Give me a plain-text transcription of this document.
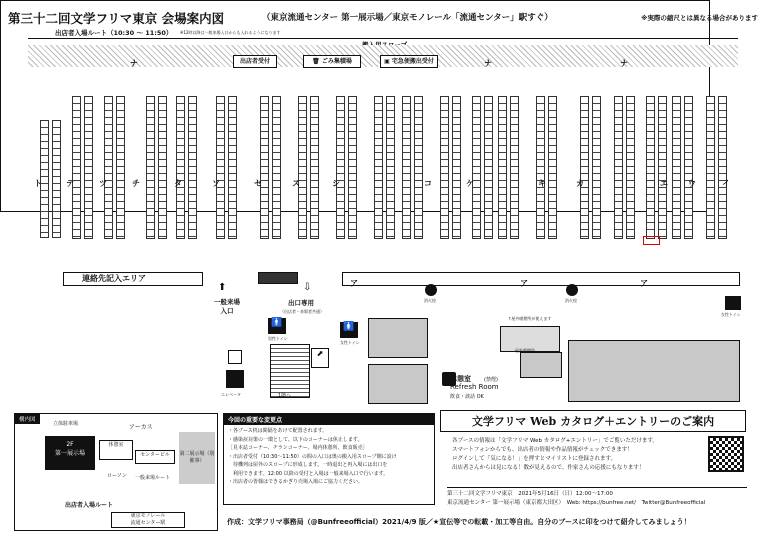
第三十二回文学フリマ東京 会場案内図	（東京流通センター 第一展示場／東京モノレール「流通センター」駅すぐ）	※実際の縮尺とは異なる場合があります
出店者入場ルート（10:30 〜 11:50） ※12時以降は一般来場入口からも入れるようになります
出店者受付	🗑 ごみ集積場	▣ 宅急便搬出受付
ナ	ナ	ナ
ト	テ	ツ	チ	タ	ソ	セ	ス	シ	コ	ケ	キ	カ	エ	ウ	イ
連絡先記入エリア
ア	ア	ア
⬆
一般来場入口
⇩
出口専用
（出店者・来場者共通）
消火栓	消火栓
🚹
男性トイレ
🚺
女性トイレ
女性トイレ
エレベータ	1階へ
⬈	屋外喫煙所
↑屋外喫煙所が使えます
休憩室	(禁煙)
Refresh Room
飲食・談話 OK
構内図
立体駐車場	アーカス
2F
第一展示場
休憩室
センタービル
ローソン 一般来場ルート
第二展示場（別催事）
出店者入場ルート
東京モノレール
流通センター駅
今回の重要な変更点
・各ブース机は間隔をあけて配置されます。
・感染症対策の一環として、以下のコーナーは休止します。
［見本誌コーナー、チラシコーナー、場内休憩所、飲食販売］
・出店者受付（10:30〜11:50）の間の入口は奥の搬入用スロープ側に設け
　待機列は屋外のスロープに形成します。一時退出と再入場には出口を
　利用できます。12:00 以降の受付と入場は一般来場入口で行います。
・出店者の皆様はできるかぎり売場入場にご協力ください。
文学フリマ Web カタログ＋エントリーのご案内
各ブースの情報は「文学フリマ Web カタログ+エントリー」でご覧いただけます。
スマートフォンからでも、出店者の情報や作品情報がチェックできます！
ログインして「気になる！」を押すとマイリストに登録されます。
出店者さんからは見になる！数が見えるので、作家さんの応援にもなります！
第三十二回文学フリマ東京　 2021年5月16日（日）12:00〜17:00
東京流通センター 第一展示場（東京都大田区）　 Web: https://bunfree.net/　 Twitter@Bunfreeofficial
作成：文学フリマ事務局（@Bunfreeofficial）2021/4/9 版／★宣伝等での転載・加工等自由。自分のブースに印をつけて紹介してみましょう！
